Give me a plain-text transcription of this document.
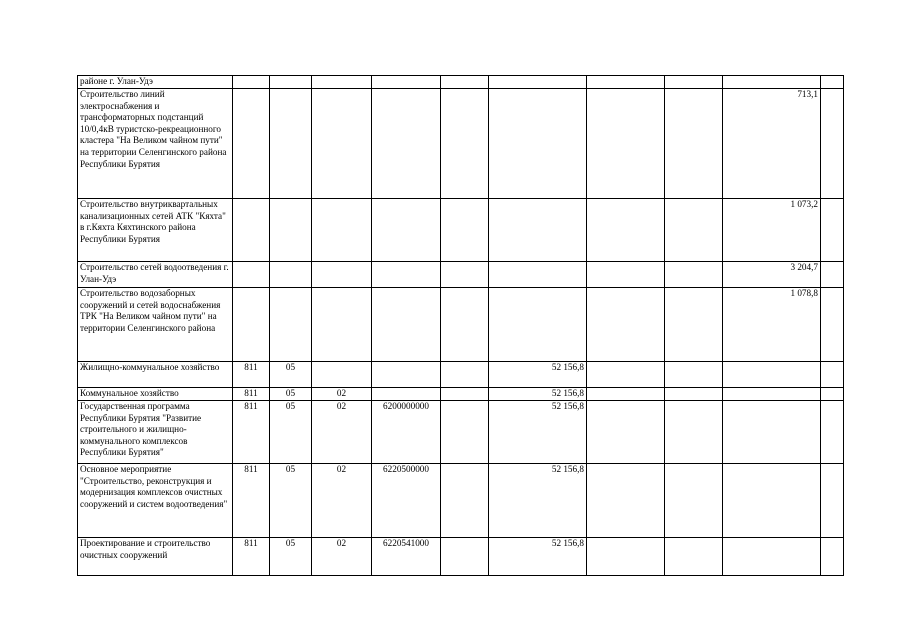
районе г. Улан-Удэ										
Строительство линий электроснабжения и трансформаторных подстанций 10/0,4кВ туристско-рекреационного кластера "На Великом чайном пути" на территории Селенгинского района Республики Бурятия									713,1	
Строительство внутриквартальных канализационных сетей АТК "Кяхта" в г.Кяхта Кяхтинского района Республики Бурятия									1 073,2	
Строительство сетей водоотведения г. Улан-Удэ									3 204,7	
Строительство водозаборных сооружений и сетей водоснабжения ТРК "На Великом чайном пути" на территории Селенгинского района									1 078,8	
Жилищно-коммунальное хозяйство	811	05				52 156,8				
Коммунальное хозяйство	811	05	02			52 156,8				
Государственная программа Республики Бурятия "Развитие строительного и жилищно-коммунального комплексов Республики Бурятия"	811	05	02	6200000000		52 156,8				
Основное мероприятие "Строительство, реконструкция и модернизация комплексов очистных сооружений и систем водоотведения"	811	05	02	6220500000		52 156,8				
Проектирование и строительство очистных сооружений	811	05	02	6220541000		52 156,8				
